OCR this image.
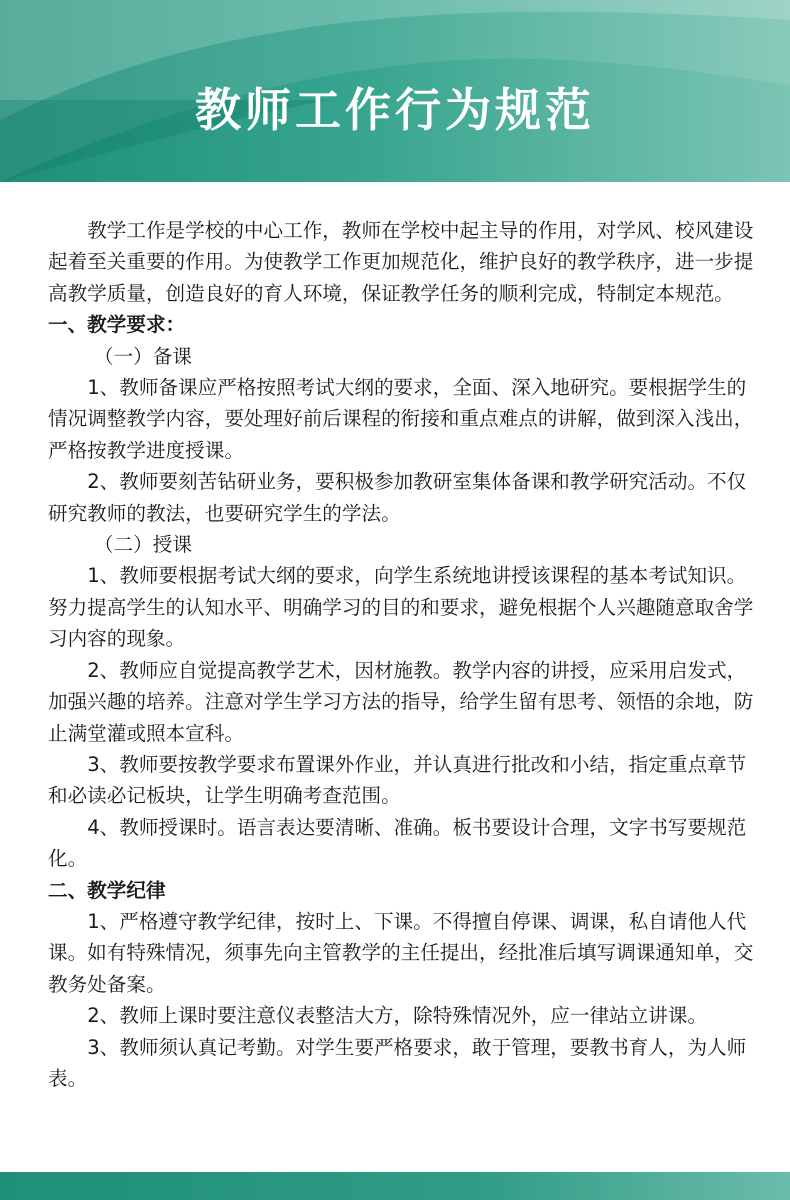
教师工作行为规范

教学工作是学校的中心工作，教师在学校中起主导的作用，对学风、校风建设起着至关重要的作用。为使教学工作更加规范化，维护良好的教学秩序，进一步提高教学质量，创造良好的育人环境，保证教学任务的顺利完成，特制定本规范。

一、教学要求：

（一）备课

1、教师备课应严格按照考试大纲的要求，全面、深入地研究。要根据学生的情况调整教学内容，要处理好前后课程的衔接和重点难点的讲解，做到深入浅出，严格按教学进度授课。

2、教师要刻苦钻研业务，要积极参加教研室集体备课和教学研究活动。不仅研究教师的教法，也要研究学生的学法。

（二）授课

1、教师要根据考试大纲的要求，向学生系统地讲授该课程的基本考试知识。努力提高学生的认知水平、明确学习的目的和要求，避免根据个人兴趣随意取舍学习内容的现象。

2、教师应自觉提高教学艺术，因材施教。教学内容的讲授，应采用启发式，加强兴趣的培养。注意对学生学习方法的指导，给学生留有思考、领悟的余地，防止满堂灌或照本宣科。

3、教师要按教学要求布置课外作业，并认真进行批改和小结，指定重点章节和必读必记板块，让学生明确考查范围。

4、教师授课时。语言表达要清晰、准确。板书要设计合理，文字书写要规范化。

二、教学纪律

1、严格遵守教学纪律，按时上、下课。不得擅自停课、调课，私自请他人代课。如有特殊情况，须事先向主管教学的主任提出，经批准后填写调课通知单，交教务处备案。

2、教师上课时要注意仪表整洁大方，除特殊情况外，应一律站立讲课。

3、教师须认真记考勤。对学生要严格要求，敢于管理，要教书育人，为人师表。
